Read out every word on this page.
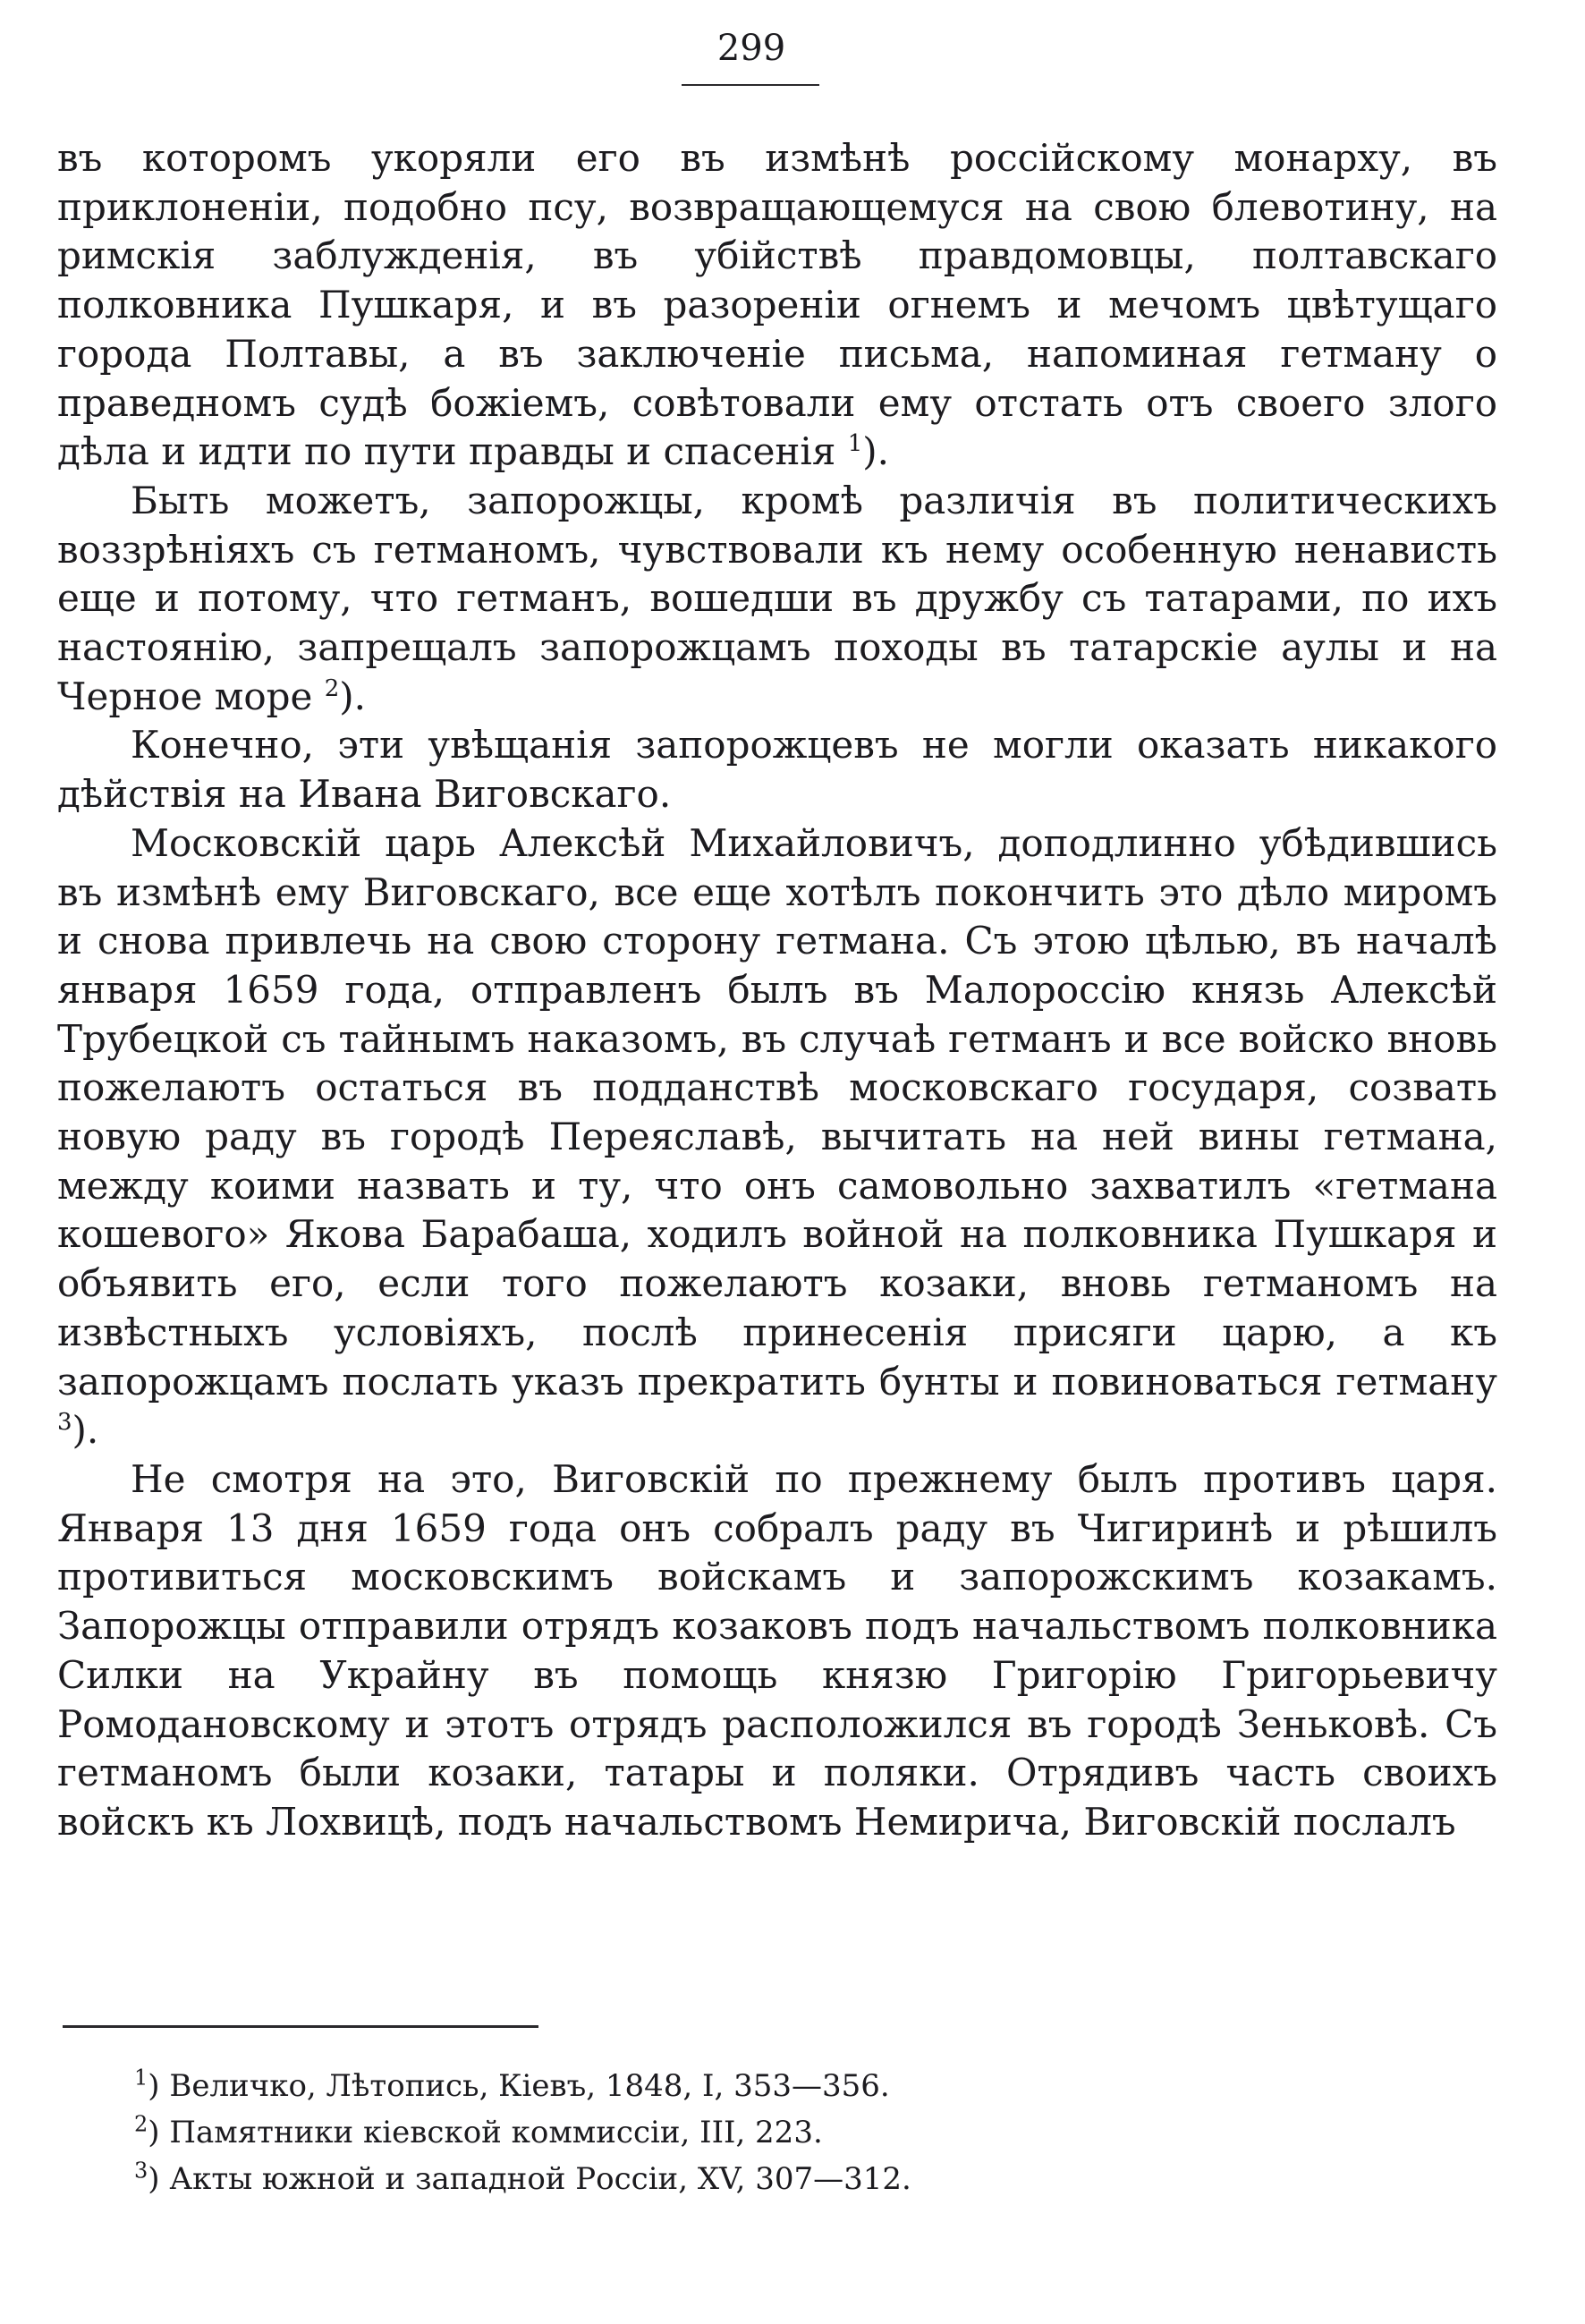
299

въ которомъ укоряли его въ измѣнѣ россійскому монарху, въ приклоненіи, подобно псу, возвращающемуся на свою блевотину, на римскія заблужденія, въ убійствѣ правдомовцы, полтавскаго полковника Пушкаря, и въ разореніи огнемъ и мечомъ цвѣтущаго города Полтавы, а въ заключеніе письма, напоминая гетману о праведномъ судѣ божіемъ, совѣтовали ему отстать отъ своего злого дѣла и идти по пути правды и спасенія $^1$).

Быть можетъ, запорожцы, кромѣ различія въ политическихъ воззрѣніяхъ съ гетманомъ, чувствовали къ нему особенную ненависть еще и потому, что гетманъ, вошедши въ дружбу съ татарами, по ихъ настоянію, запрещалъ запорожцамъ походы въ татарскіе аулы и на Черное море $^2$).

Конечно, эти увѣщанія запорожцевъ не могли оказать никакого дѣйствія на Ивана Виговскаго.

Московскій царь Алексѣй Михайловичъ, доподлинно убѣдившись въ измѣнѣ ему Виговскаго, все еще хотѣлъ покончить это дѣло миромъ и снова привлечь на свою сторону гетмана. Съ этою цѣлью, въ началѣ января 1659 года, отправленъ былъ въ Малороссію князь Алексѣй Трубецкой съ тайнымъ наказомъ, въ случаѣ гетманъ и все войско вновь пожелаютъ остаться въ подданствѣ московскаго государя, созвать новую раду въ городѣ Переяславѣ, вычитать на ней вины гетмана, между коими назвать и ту, что онъ самовольно захватилъ «гетмана кошевого» Якова Барабаша, ходилъ войной на полковника Пушкаря и объявить его, если того пожелаютъ козаки, вновь гетманомъ на извѣстныхъ условіяхъ, послѣ принесенія присяги царю, а къ запорожцамъ послать указъ прекратить бунты и повиноваться гетману $^3$).

Не смотря на это, Виговскій по прежнему былъ противъ царя. Января 13 дня 1659 года онъ собралъ раду въ Чигиринѣ и рѣшилъ противиться московскимъ войскамъ и запорожскимъ козакамъ. Запорожцы отправили отрядъ козаковъ подъ начальствомъ полковника Силки на Украйну въ помощь князю Григорію Григорьевичу Ромодановскому и этотъ отрядъ расположился въ городѣ Зеньковѣ. Съ гетманомъ были козаки, татары и поляки. Отрядивъ часть своихъ войскъ къ Лохвицѣ, подъ начальствомъ Немирича, Виговскій послалъ

$^1$) Величко, Лѣтопись, Кіевъ, 1848, I, 353—356.
$^2$) Памятники кіевской коммиссіи, III, 223.
$^3$) Акты южной и западной Россіи, XV, 307—312.
